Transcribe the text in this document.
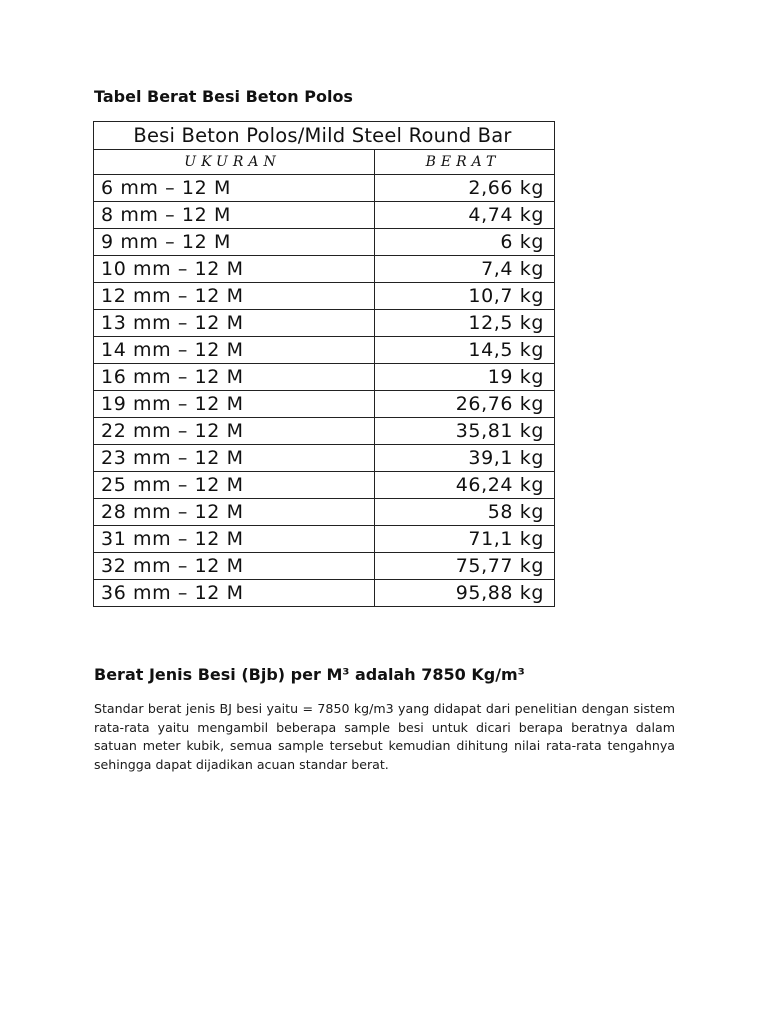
Tabel Berat Besi Beton Polos
Besi Beton Polos/Mild Steel Round Bar	
UKURAN	BERAT
6 mm – 12 M	2,66 kg
8 mm – 12 M	4,74 kg
9 mm – 12 M	6 kg
10 mm – 12 M	7,4 kg
12 mm – 12 M	10,7 kg
13 mm – 12 M	12,5 kg
14 mm – 12 M	14,5 kg
16 mm – 12 M	19 kg
19 mm – 12 M	26,76 kg
22 mm – 12 M	35,81 kg
23 mm – 12 M	39,1 kg
25 mm – 12 M	46,24 kg
28 mm – 12 M	58 kg
31 mm – 12 M	71,1 kg
32 mm – 12 M	75,77 kg
36 mm – 12 M	95,88 kg
Berat Jenis Besi (Bjb) per M³ adalah 7850 Kg/m³

Standar berat jenis BJ besi yaitu = 7850 kg/m3 yang didapat dari penelitian dengan sistem rata-rata yaitu mengambil beberapa sample besi untuk dicari berapa beratnya dalam satuan meter kubik, semua sample tersebut kemudian dihitung nilai rata-rata tengahnya sehingga dapat dijadikan acuan standar berat.
